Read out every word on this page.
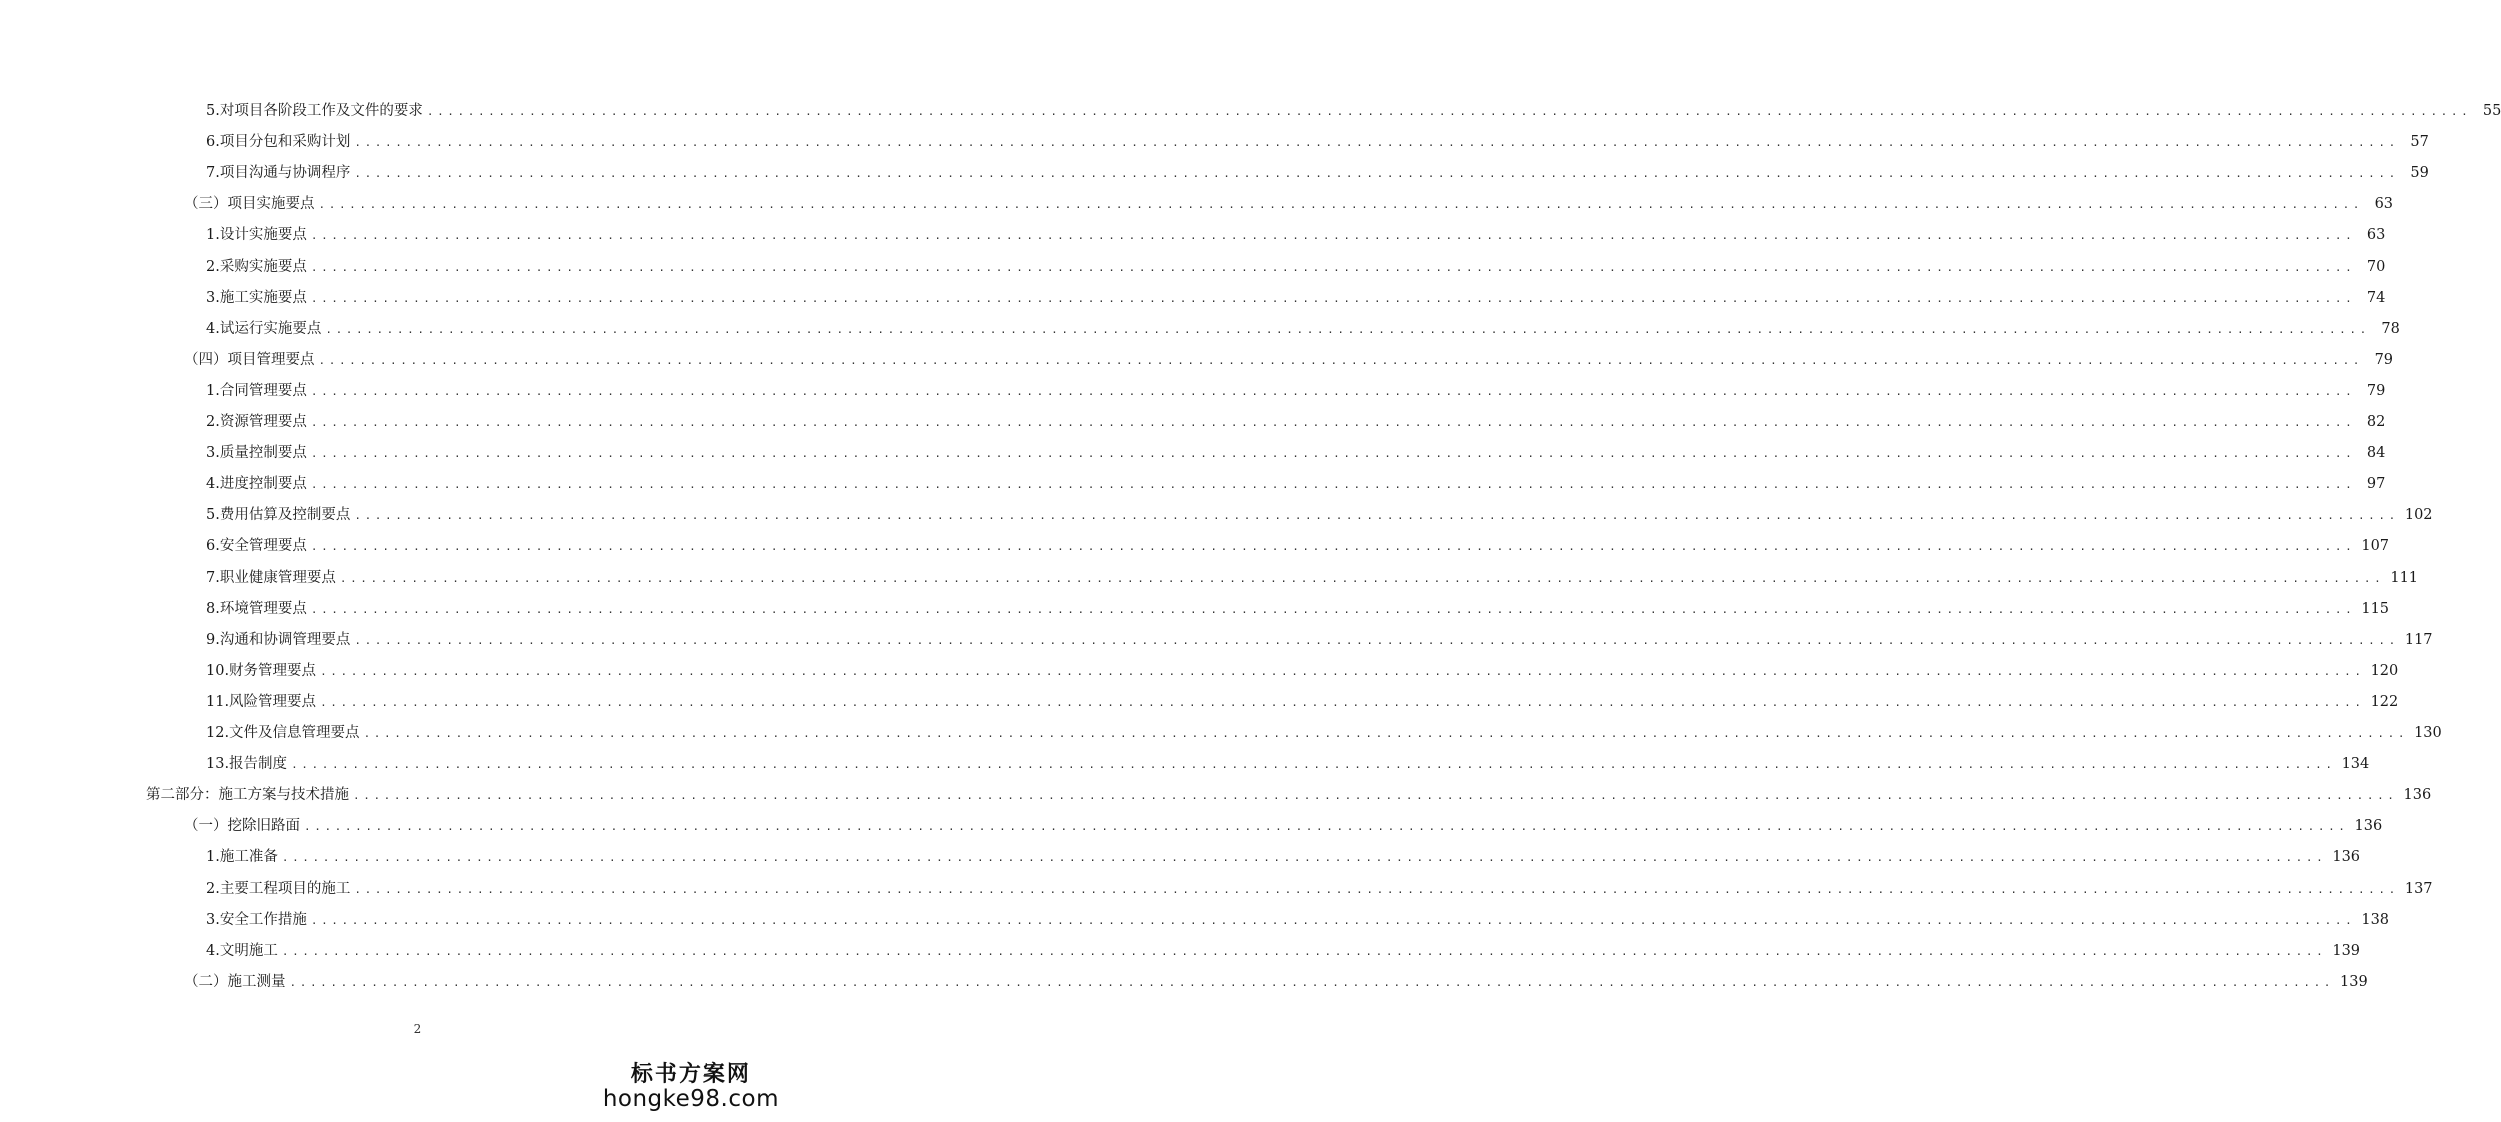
5.对项目各阶段工作及文件的要求 ........................................................................................................................................................................................................ 55
6.项目分包和采购计划 ........................................................................................................................................................................................................ 57
7.项目沟通与协调程序 ........................................................................................................................................................................................................ 59
（三）项目实施要点 ........................................................................................................................................................................................................ 63
1.设计实施要点 ........................................................................................................................................................................................................ 63
2.采购实施要点 ........................................................................................................................................................................................................ 70
3.施工实施要点 ........................................................................................................................................................................................................ 74
4.试运行实施要点 ........................................................................................................................................................................................................ 78
（四）项目管理要点 ........................................................................................................................................................................................................ 79
1.合同管理要点 ........................................................................................................................................................................................................ 79
2.资源管理要点 ........................................................................................................................................................................................................ 82
3.质量控制要点 ........................................................................................................................................................................................................ 84
4.进度控制要点 ........................................................................................................................................................................................................ 97
5.费用估算及控制要点 ........................................................................................................................................................................................................ 102
6.安全管理要点 ........................................................................................................................................................................................................ 107
7.职业健康管理要点 ........................................................................................................................................................................................................ 111
8.环境管理要点 ........................................................................................................................................................................................................ 115
9.沟通和协调管理要点 ........................................................................................................................................................................................................ 117
10.财务管理要点 ........................................................................................................................................................................................................ 120
11.风险管理要点 ........................................................................................................................................................................................................ 122
12.文件及信息管理要点 ........................................................................................................................................................................................................ 130
13.报告制度 ........................................................................................................................................................................................................ 134
第二部分：施工方案与技术措施 ........................................................................................................................................................................................................ 136
（一）挖除旧路面 ........................................................................................................................................................................................................ 136
1.施工准备 ........................................................................................................................................................................................................ 136
2.主要工程项目的施工 ........................................................................................................................................................................................................ 137
3.安全工作措施 ........................................................................................................................................................................................................ 138
4.文明施工 ........................................................................................................................................................................................................ 139
（二）施工测量 ........................................................................................................................................................................................................ 139
2
标书方案网
hongke98.com
